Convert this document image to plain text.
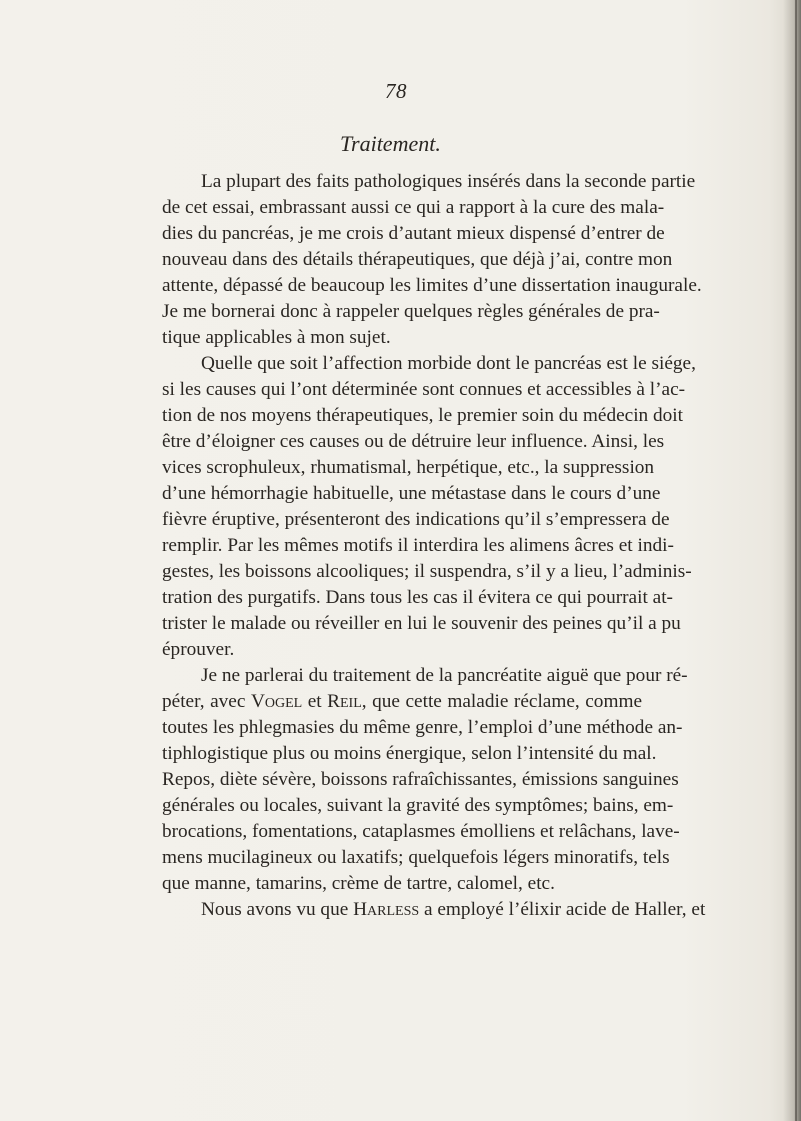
78
Traitement.
La plupart des faits pathologiques insérés dans la seconde partie
de cet essai, embrassant aussi ce qui a rapport à la cure des mala-
dies du pancréas, je me crois d’autant mieux dispensé d’entrer de
nouveau dans des détails thérapeutiques, que déjà j’ai, contre mon
attente, dépassé de beaucoup les limites d’une dissertation inaugurale.
Je me bornerai donc à rappeler quelques règles générales de pra-
tique applicables à mon sujet.
Quelle que soit l’affection morbide dont le pancréas est le siége,
si les causes qui l’ont déterminée sont connues et accessibles à l’ac-
tion de nos moyens thérapeutiques, le premier soin du médecin doit
être d’éloigner ces causes ou de détruire leur influence. Ainsi, les
vices scrophuleux, rhumatismal, herpétique, etc., la suppression
d’une hémorrhagie habituelle, une métastase dans le cours d’une
fièvre éruptive, présenteront des indications qu’il s’empressera de
remplir. Par les mêmes motifs il interdira les alimens âcres et indi-
gestes, les boissons alcooliques; il suspendra, s’il y a lieu, l’adminis-
tration des purgatifs. Dans tous les cas il évitera ce qui pourrait at-
trister le malade ou réveiller en lui le souvenir des peines qu’il a pu
éprouver.
Je ne parlerai du traitement de la pancréatite aiguë que pour ré-
péter, avec Vogel et Reil, que cette maladie réclame, comme
toutes les phlegmasies du même genre, l’emploi d’une méthode an-
tiphlogistique plus ou moins énergique, selon l’intensité du mal.
Repos, diète sévère, boissons rafraîchissantes, émissions sanguines
générales ou locales, suivant la gravité des symptômes; bains, em-
brocations, fomentations, cataplasmes émolliens et relâchans, lave-
mens mucilagineux ou laxatifs; quelquefois légers minoratifs, tels
que manne, tamarins, crème de tartre, calomel, etc.
Nous avons vu que Harless a employé l’élixir acide de Haller, et
